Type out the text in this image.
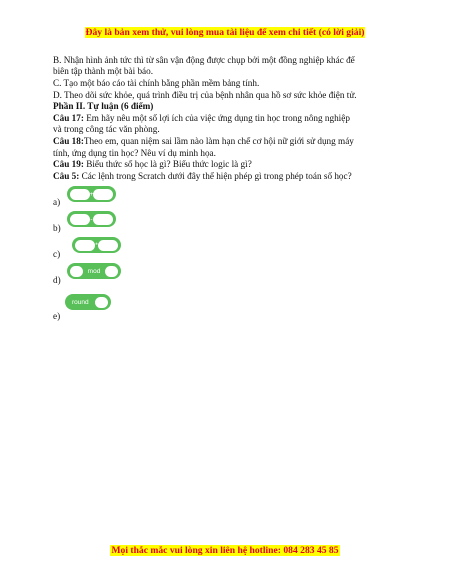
Đây là bản xem thử, vui lòng mua tài liệu để xem chi tiết (có lời giải)
B. Nhận hình ảnh tức thì từ sân vận động được chụp bởi một đồng nghiệp khác để
biên tập thành một bài báo.
C. Tạo một báo cáo tài chính bằng phần mềm bảng tính.
D. Theo dõi sức khỏe, quá trình điều trị của bệnh nhân qua hồ sơ sức khỏe điện tử.
Phần II. Tự luận (6 điểm)
Câu 17: Em hãy nêu một số lợi ích của việc ứng dụng tin học trong nông nghiệp
và trong công tác văn phòng.
Câu 18:Theo em, quan niệm sai lầm nào làm hạn chế cơ hội nữ giới sử dụng máy
tính, ứng dụng tin học? Nêu ví dụ minh họa.
Câu 19: Biểu thức số học là gì? Biểu thức logic là gì?
Câu 5: Các lệnh trong Scratch dưới đây thể hiện phép gì trong phép toán số học?
a)
+
b)
-
c)
*
d)
mod
e)
round
Mọi thắc mắc vui lòng xin liên hệ hotline: 084 283 45 85
